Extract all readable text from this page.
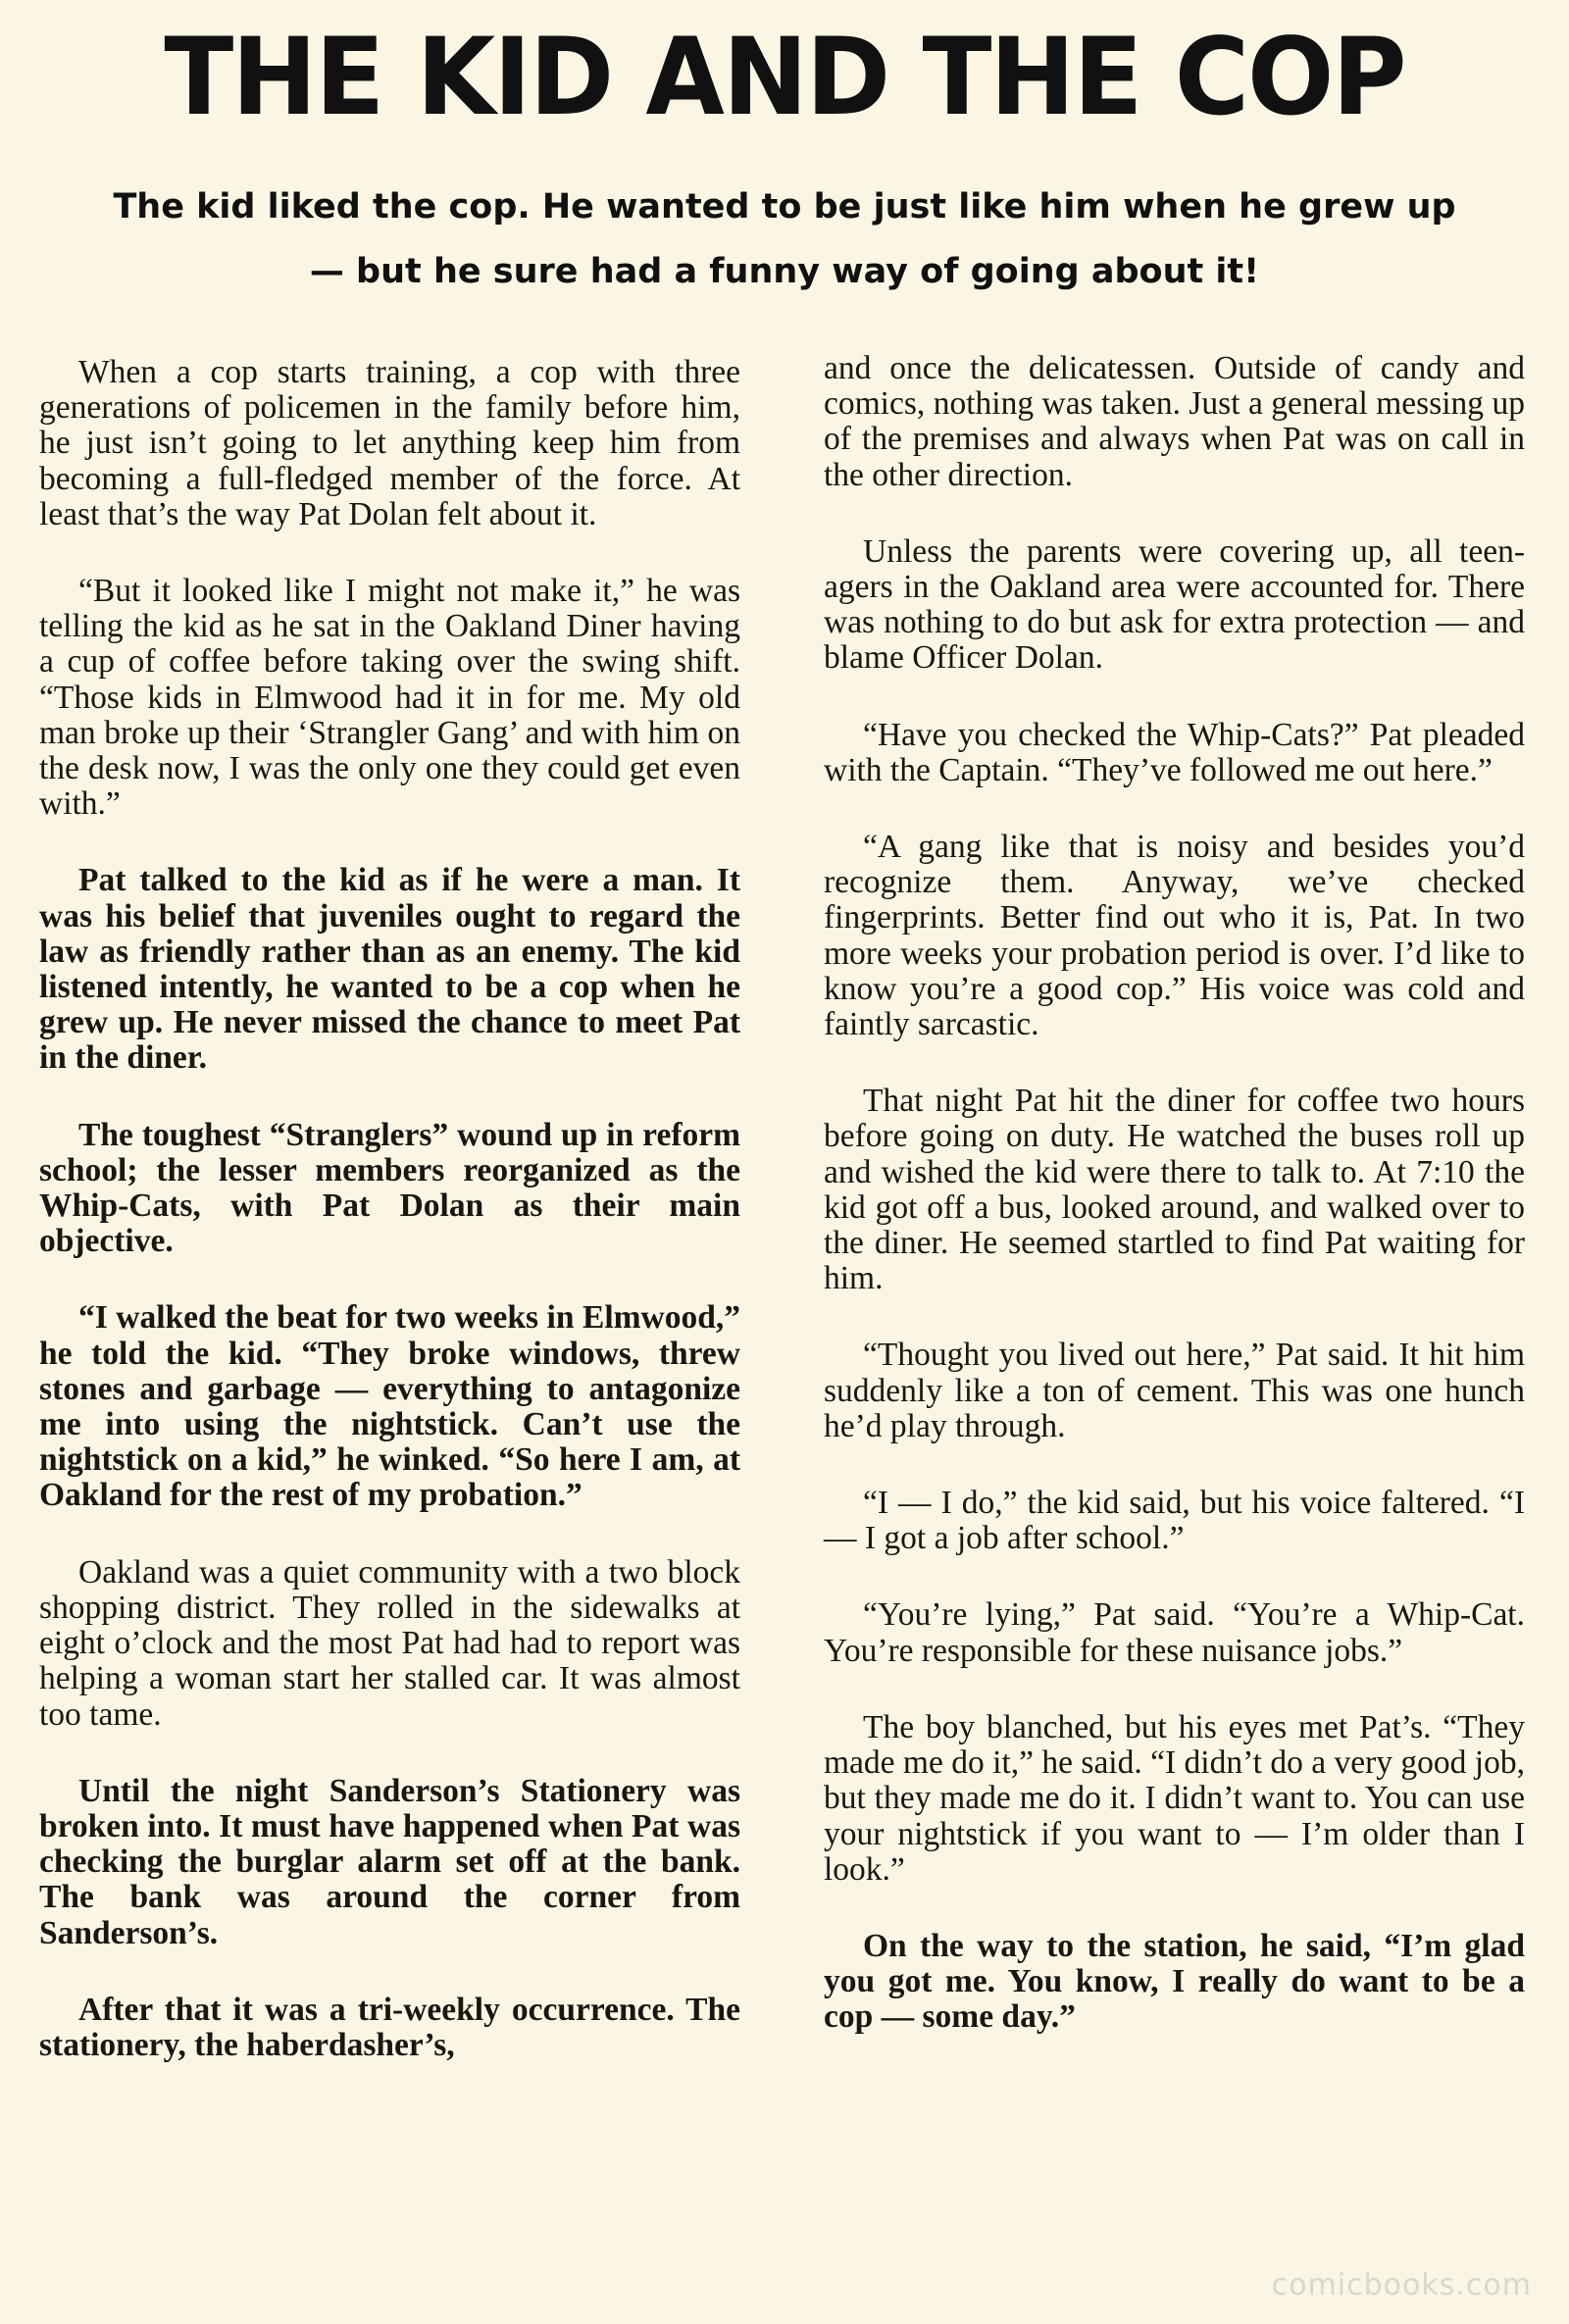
THE KID AND THE COP
The kid liked the cop. He wanted to be just like him when he grew up
— but he sure had a funny way of going about it!

When a cop starts training, a cop with three generations of policemen in the family before him, he just isn’t going to let anything keep him from becoming a full-fledged member of the force. At least that’s the way Pat Dolan felt about it.

“But it looked like I might not make it,” he was telling the kid as he sat in the Oakland Diner having a cup of coffee before taking over the swing shift. “Those kids in Elmwood had it in for me. My old man broke up their ‘Strangler Gang’ and with him on the desk now, I was the only one they could get even with.”

Pat talked to the kid as if he were a man. It was his belief that juveniles ought to regard the law as friendly rather than as an enemy. The kid listened intently, he wanted to be a cop when he grew up. He never missed the chance to meet Pat in the diner.

The toughest “Stranglers” wound up in reform school; the lesser members reorganized as the Whip-Cats, with Pat Dolan as their main objective.

“I walked the beat for two weeks in Elmwood,” he told the kid. “They broke windows, threw stones and garbage — everything to antagonize me into using the nightstick. Can’t use the nightstick on a kid,” he winked. “So here I am, at Oakland for the rest of my probation.”

Oakland was a quiet community with a two block shopping district. They rolled in the sidewalks at eight o’clock and the most Pat had had to report was helping a woman start her stalled car. It was almost too tame.

Until the night Sanderson’s Stationery was broken into. It must have happened when Pat was checking the burglar alarm set off at the bank. The bank was around the corner from Sanderson’s.

After that it was a tri-weekly occurrence. The stationery, the haberdasher’s,

and once the delicatessen. Outside of candy and comics, nothing was taken. Just a general messing up of the premises and always when Pat was on call in the other direction.

Unless the parents were covering up, all teen-agers in the Oakland area were accounted for. There was nothing to do but ask for extra protection — and blame Officer Dolan.

“Have you checked the Whip-Cats?” Pat pleaded with the Captain. “They’ve followed me out here.”

“A gang like that is noisy and besides you’d recognize them. Anyway, we’ve checked fingerprints. Better find out who it is, Pat. In two more weeks your probation period is over. I’d like to know you’re a good cop.” His voice was cold and faintly sarcastic.

That night Pat hit the diner for coffee two hours before going on duty. He watched the buses roll up and wished the kid were there to talk to. At 7:10 the kid got off a bus, looked around, and walked over to the diner. He seemed startled to find Pat waiting for him.

“Thought you lived out here,” Pat said. It hit him suddenly like a ton of cement. This was one hunch he’d play through.

“I — I do,” the kid said, but his voice faltered. “I — I got a job after school.”

“You’re lying,” Pat said. “You’re a Whip-Cat. You’re responsible for these nuisance jobs.”

The boy blanched, but his eyes met Pat’s. “They made me do it,” he said. “I didn’t do a very good job, but they made me do it. I didn’t want to. You can use your nightstick if you want to — I’m older than I look.”

On the way to the station, he said, “I’m glad you got me. You know, I really do want to be a cop — some day.”

comicbooks.com
